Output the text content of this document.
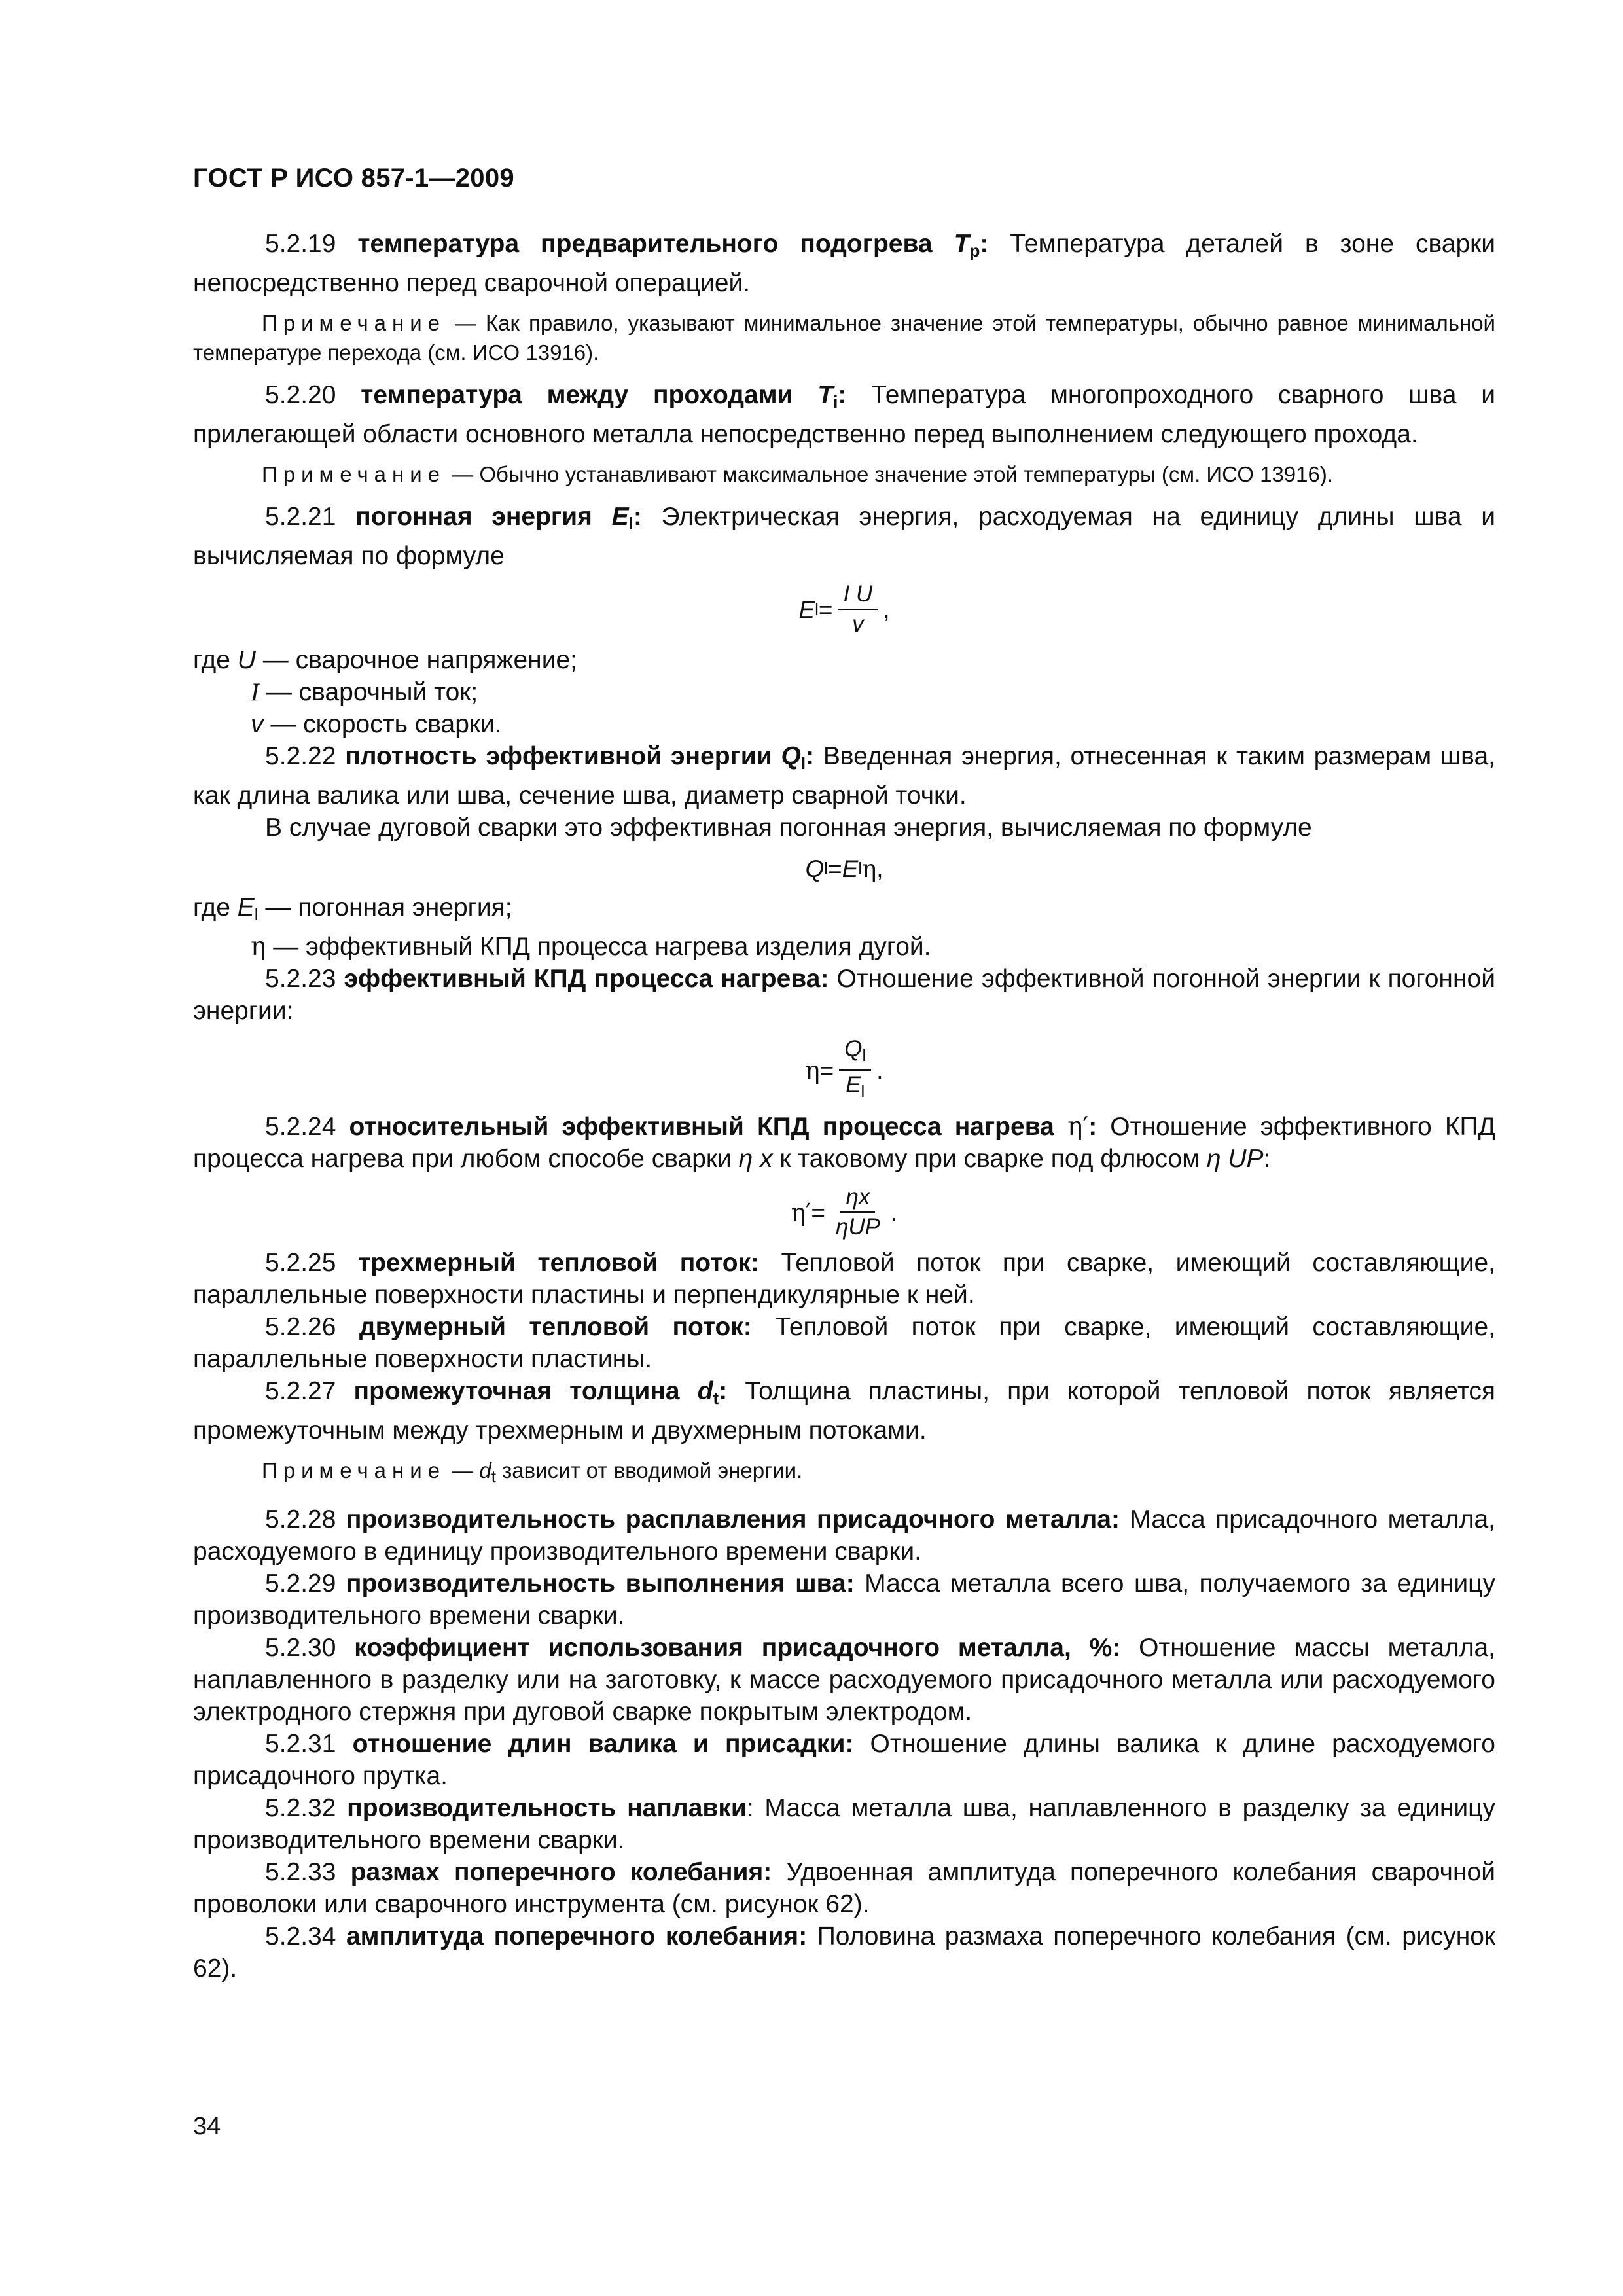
ГОСТ Р ИСО 857-1—2009

5.2.19 температура предварительного подогрева $T_p$: Температура деталей в зоне сварки непосредственно перед сварочной операцией.

Примечание — Как правило, указывают минимальное значение этой температуры, обычно равное минимальной температуре перехода (см. ИСО 13916).

5.2.20 температура между проходами $T_i$: Температура многопроходного сварного шва и прилегающей области основного металла непосредственно перед выполнением следующего прохода.

Примечание — Обычно устанавливают максимальное значение этой температуры (см. ИСО 13916).

5.2.21 погонная энергия $E_l$: Электрическая энергия, расходуемая на единицу длины шва и вычисляемая по формуле

E $l = \frac{\text{I U}}{v}$ ,

где U — сварочное напряжение;

I — сварочный ток;

v — скорость сварки.

5.2.22 плотность эффективной энергии $Q_l$: Введенная энергия, отнесенная к таким размерам шва, как длина валика или шва, сечение шва, диаметр сварной точки.

В случае дуговой сварки это эффективная погонная энергия, вычисляемая по формуле

Q l = E l η ,

где $E_l$ — погонная энергия;

η — эффективный КПД процесса нагрева изделия дугой.

5.2.23 эффективный КПД процесса нагрева: Отношение эффективной погонной энергии к погонной энергии:

$\eta = \frac{Q_l}{E_l}$ .

5.2.24 относительный эффективный КПД процесса нагрева η′: Отношение эффективного КПД процесса нагрева при любом способе сварки η x к таковому при сварке под флюсом η UP:

$\eta' = \frac{\eta x}{\text{ηUP}}$ .

5.2.25 трехмерный тепловой поток: Тепловой поток при сварке, имеющий составляющие, параллельные поверхности пластины и перпендикулярные к ней.

5.2.26 двумерный тепловой поток: Тепловой поток при сварке, имеющий составляющие, параллельные поверхности пластины.

5.2.27 промежуточная толщина $d_t$: Толщина пластины, при которой тепловой поток является промежуточным между трехмерным и двухмерным потоками.

Примечание — $d_t$ зависит от вводимой энергии.

5.2.28 производительность расплавления присадочного металла: Масса присадочного металла, расходуемого в единицу производительного времени сварки.

5.2.29 производительность выполнения шва: Масса металла всего шва, получаемого за единицу производительного времени сварки.

5.2.30 коэффициент использования присадочного металла, %: Отношение массы металла, наплавленного в разделку или на заготовку, к массе расходуемого присадочного металла или расходуемого электродного стержня при дуговой сварке покрытым электродом.

5.2.31 отношение длин валика и присадки: Отношение длины валика к длине расходуемого присадочного прутка.

5.2.32 производительность наплавки: Масса металла шва, наплавленного в разделку за единицу производительного времени сварки.

5.2.33 размах поперечного колебания: Удвоенная амплитуда поперечного колебания сварочной проволоки или сварочного инструмента (см. рисунок 62).

5.2.34 амплитуда поперечного колебания: Половина размаха поперечного колебания (см. рисунок 62).

34
